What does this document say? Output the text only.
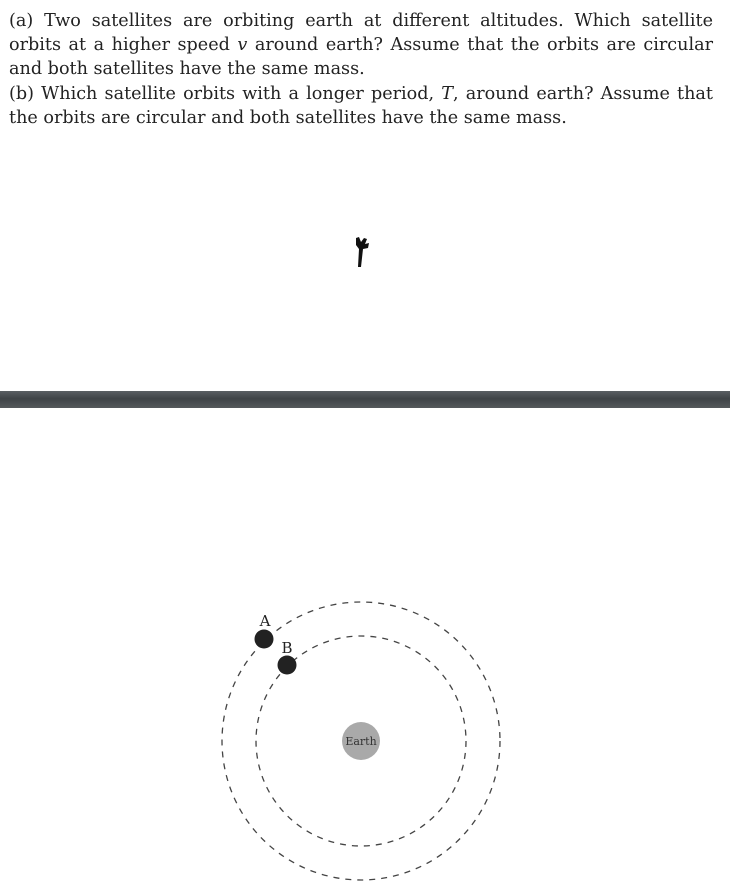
(a) Two satellites are orbiting earth at different altitudes. Which satellite orbits at a higher speed v around earth? Assume that the orbits are circular and both satellites have the same mass.

(b) Which satellite orbits with a longer period, T, around earth? Assume that the orbits are circular and both satellites have the same mass.

Earth
A
B
